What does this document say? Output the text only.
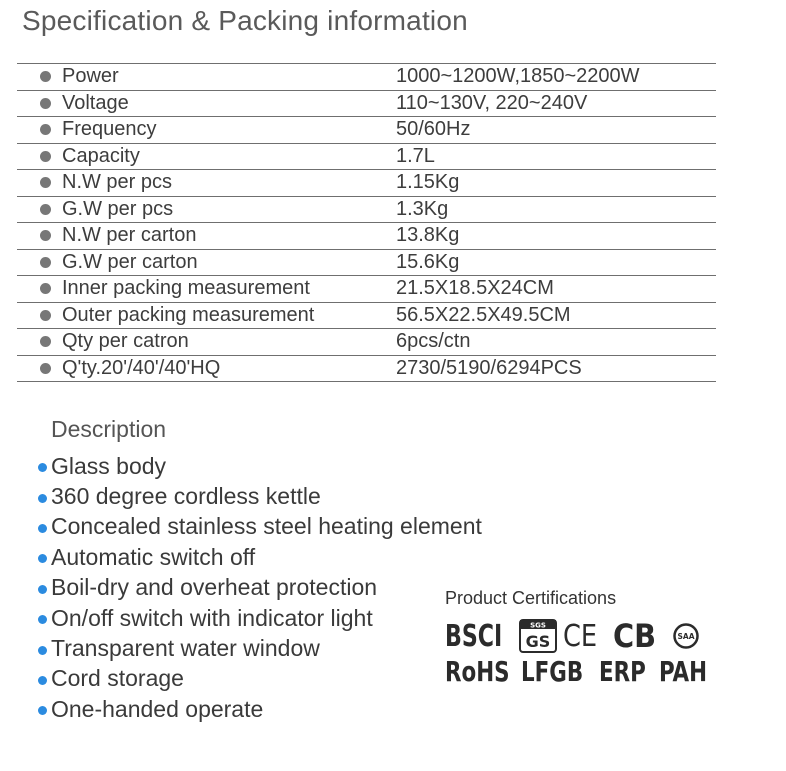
Specification & Packing information
Power	1000~1200W,1850~2200W
Voltage	110~130V, 220~240V
Frequency	50/60Hz
Capacity	1.7L
N.W per pcs	1.15Kg
G.W per pcs	1.3Kg
N.W per carton	13.8Kg
G.W per carton	15.6Kg
Inner packing measurement	21.5X18.5X24CM
Outer packing measurement	56.5X22.5X49.5CM
Qty per catron	6pcs/ctn
Q'ty.20'/40'/40'HQ	2730/5190/6294PCS
Description
Glass body
360 degree cordless kettle
Concealed stainless steel heating element
Automatic switch off
Boil-dry and overheat protection
On/off switch with indicator light
Transparent water window
Cord storage
One-handed operate
Product Certifications
BSCI	SGS
GS CE CB	SAA
RoHS LFGB ERP PAH
